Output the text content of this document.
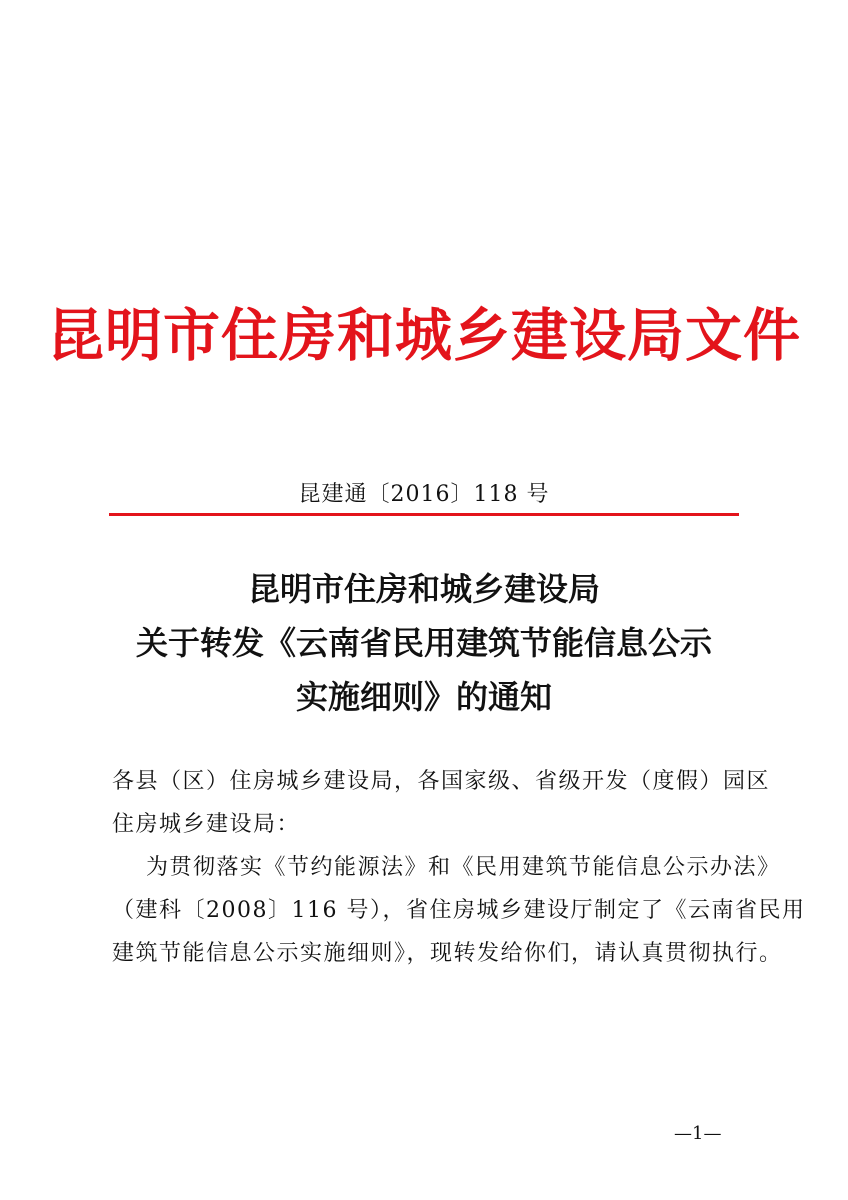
昆明市住房和城乡建设局文件
昆建通〔2016〕118 号
昆明市住房和城乡建设局
关于转发《云南省民用建筑节能信息公示
实施细则》的通知
各县（区）住房城乡建设局，各国家级、省级开发（度假）园区
住房城乡建设局：
为贯彻落实《节约能源法》和《民用建筑节能信息公示办法》
（建科〔2008〕116 号），省住房城乡建设厅制定了《云南省民用
建筑节能信息公示实施细则》，现转发给你们，请认真贯彻执行。
—1—
